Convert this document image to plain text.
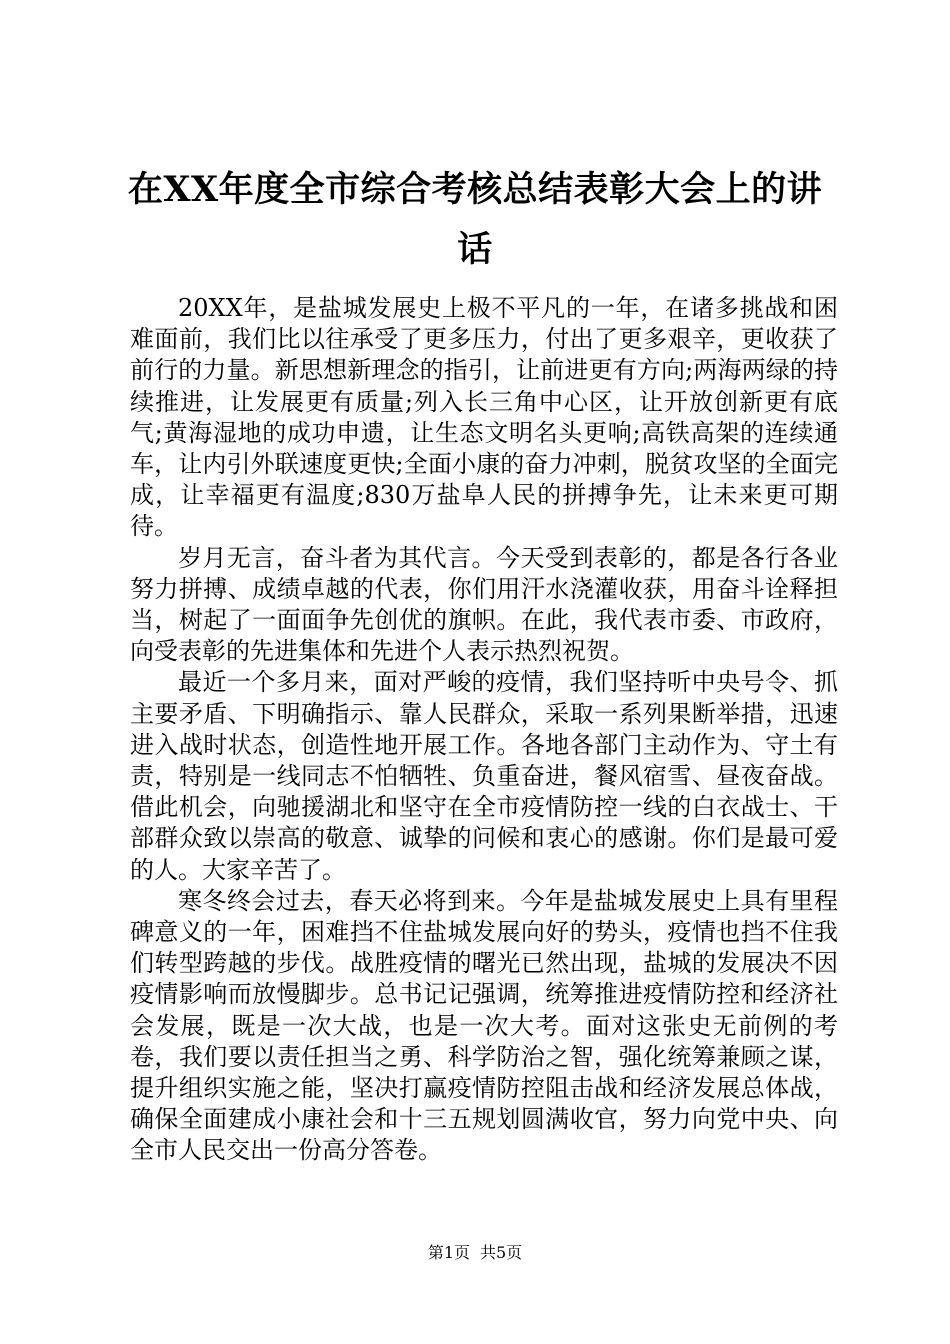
在XX年度全市综合考核总结表彰大会上的讲
话

20XX年，是盐城发展史上极不平凡的一年，在诸多挑战和困难面前，我们比以往承受了更多压力，付出了更多艰辛，更收获了前行的力量。新思想新理念的指引，让前进更有方向;两海两绿的持续推进，让发展更有质量;列入长三角中心区，让开放创新更有底气;黄海湿地的成功申遗，让生态文明名头更响;高铁高架的连续通车，让内引外联速度更快;全面小康的奋力冲刺，脱贫攻坚的全面完成，让幸福更有温度;830万盐阜人民的拼搏争先，让未来更可期待。

岁月无言，奋斗者为其代言。今天受到表彰的，都是各行各业努力拼搏、成绩卓越的代表，你们用汗水浇灌收获，用奋斗诠释担当，树起了一面面争先创优的旗帜。在此，我代表市委、市政府，向受表彰的先进集体和先进个人表示热烈祝贺。

最近一个多月来，面对严峻的疫情，我们坚持听中央号令、抓主要矛盾、下明确指示、靠人民群众，采取一系列果断举措，迅速进入战时状态，创造性地开展工作。各地各部门主动作为、守土有责，特别是一线同志不怕牺牲、负重奋进，餐风宿雪、昼夜奋战。借此机会，向驰援湖北和坚守在全市疫情防控一线的白衣战士、干部群众致以崇高的敬意、诚挚的问候和衷心的感谢。你们是最可爱的人。大家辛苦了。

寒冬终会过去，春天必将到来。今年是盐城发展史上具有里程碑意义的一年，困难挡不住盐城发展向好的势头，疫情也挡不住我们转型跨越的步伐。战胜疫情的曙光已然出现，盐城的发展决不因疫情影响而放慢脚步。总书记记强调，统筹推进疫情防控和经济社会发展，既是一次大战，也是一次大考。面对这张史无前例的考卷，我们要以责任担当之勇、科学防治之智，强化统筹兼顾之谋，提升组织实施之能，坚决打赢疫情防控阻击战和经济发展总体战，确保全面建成小康社会和十三五规划圆满收官，努力向党中央、向全市人民交出一份高分答卷。

第1页 共5页
